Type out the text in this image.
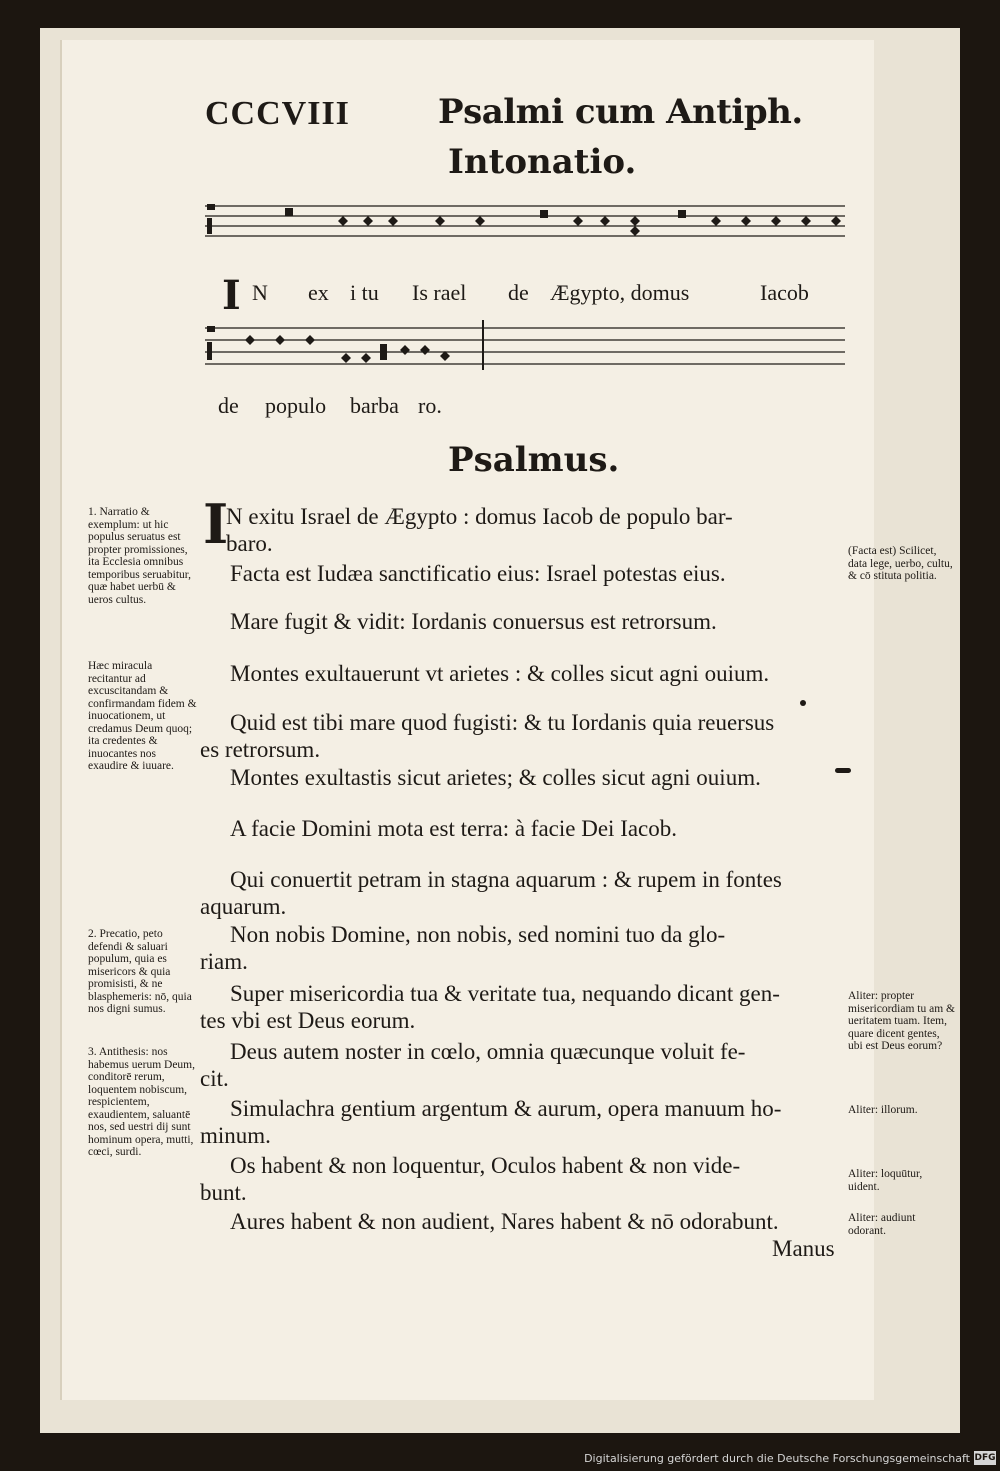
CCCVIII	Psalmi cum Antiph.
Intonatio.
I N ex i tu Is rael de Ægypto, domus	Iacob
de populo barba ro.
Psalmus.
I
N exitu Israel de Ægypto : domus Iacob de populo bar-
baro.
Facta est Iudæa sanctificatio eius: Israel potestas eius.
Mare fugit & vidit: Iordanis conuersus est retrorsum.
Montes exultauerunt vt arietes : & colles sicut agni ouium.
Quid est tibi mare quod fugisti: & tu Iordanis quia reuersus
es retrorsum.
Montes exultastis sicut arietes; & colles sicut agni ouium.
A facie Domini mota est terra: à facie Dei Iacob.
Qui conuertit petram in stagna aquarum : & rupem in fontes
aquarum.
Non nobis Domine, non nobis, sed nomini tuo da glo-
riam.
Super misericordia tua & veritate tua, nequando dicant gen-
tes vbi est Deus eorum.
Deus autem noster in cœlo, omnia quæcunque voluit fe-
cit.
Simulachra gentium argentum & aurum, opera manuum ho-
minum.
Os habent & non loquentur, Oculos habent & non vide-
bunt.
Aures habent & non audient, Nares habent & nō odorabunt.
Manus
1. Narratio & exemplum: ut hic populus seruatus est propter promissiones, ita Ecclesia omnibus temporibus seruabitur, quæ habet uerbū & ueros cultus.
Hæc miracula recitantur ad excuscitandam & confirmandam fidem & inuocationem, ut credamus Deum quoq; ita credentes & inuocantes nos exaudire & iuuare.
2. Precatio, peto defendi & saluari populum, quia es misericors & quia promisisti, & ne blasphemeris: nō, quia nos digni sumus.
3. Antithesis: nos habemus uerum Deum, conditorē rerum, loquentem nobiscum, respicientem, exaudientem, saluantē nos, sed uestri dij sunt hominum opera, mutti, cœci, surdi.
(Facta est) Scilicet, data lege, uerbo, cultu, & cō stituta politia.
Aliter: propter misericordiam tu am & ueritatem tuam. Item, quare dicent gentes, ubi est Deus eorum?
Aliter: illorum.
Aliter: loquūtur, uident.
Aliter: audiunt odorant.
Digitalisierung gefördert durch die Deutsche Forschungsgemeinschaft DFG
